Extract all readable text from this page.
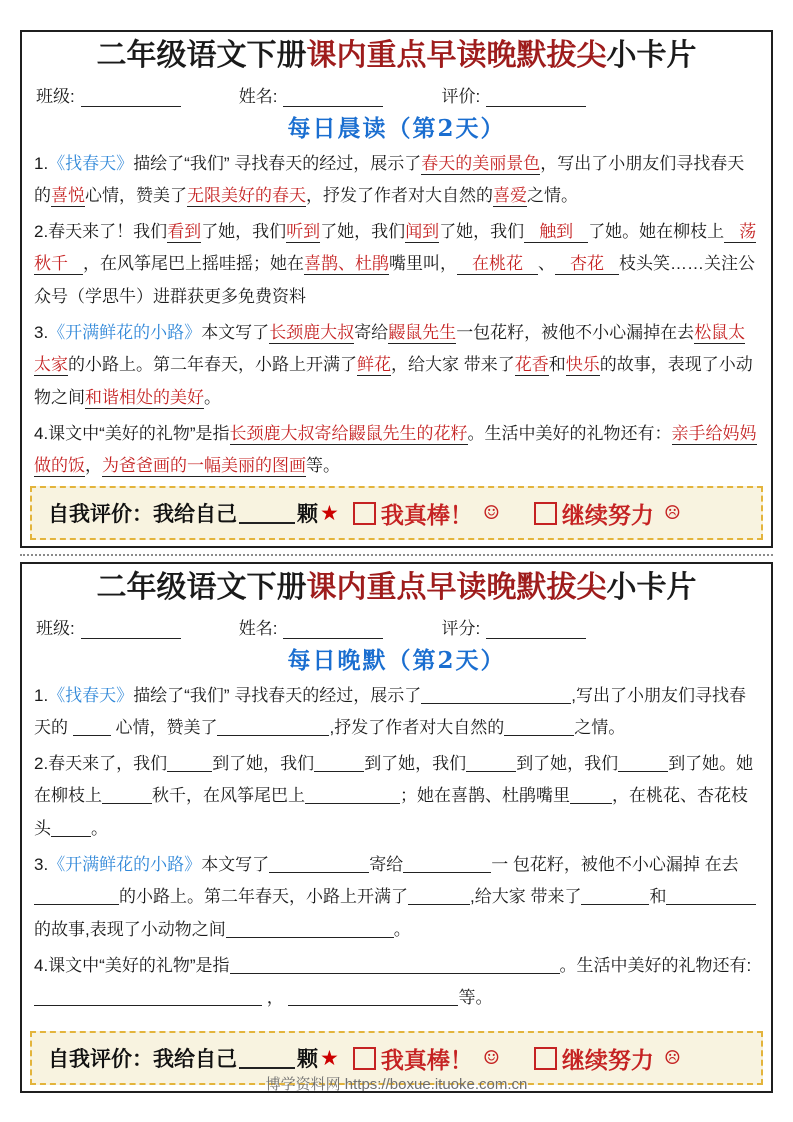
二年级语文下册课内重点早读晚默拔尖小卡片
班级:	姓名:	评价:
每日晨读（第2天）
1.《找春天》描绘了“我们” 寻找春天的经过，展示了春天的美丽景色，写出了小朋友们寻找春天的喜悦心情，赞美了无限美好的春天，抒发了作者对大自然的喜爱之情。
2.春天来了！我们看到了她，我们听到了她，我们闻到了她，我们 触到 了她。她在柳枝上 荡秋千 ，在风筝尾巴上摇哇摇；她在喜鹊、杜鹃嘴里叫， 在桃花 、 杏花 枝头笑……关注公众号（学思牛）进群获更多免费资料
3.《开满鲜花的小路》本文写了长颈鹿大叔寄给鼹鼠先生一包花籽，被他不小心漏掉在去松鼠太太家的小路上。第二年春天，小路上开满了鲜花，给大家 带来了花香和快乐的故事，表现了小动物之间和谐相处的美好。
4.课文中“美好的礼物”是指长颈鹿大叔寄给鼹鼠先生的花籽。生活中美好的礼物还有：亲手给妈妈做的饭，为爸爸画的一幅美丽的图画等。
自我评价：我给自己	颗 ★ 我真棒！ ☺	继续努力 ☹
二年级语文下册课内重点早读晚默拔尖小卡片
班级:	姓名:	评分:
每日晚默（第2天）
1.《找春天》描绘了“我们” 寻找春天的经过，展示了	,写出了小朋友们寻找春天的  心情，赞美了	,抒发了作者对大自然的	之情。
2.春天来了，我们	到了她，我们	到了她，我们	到了她，我们	到了她。她在柳枝上	秋千，在风筝尾巴上	；她在喜鹊、杜鹃嘴里 ，在桃花、杏花枝头 。
3.《开满鲜花的小路》本文写了	寄给	一 包花籽，被他不小心漏掉 在去的小路上。第二年春天，小路上开满了	,给大家 带来了	和的故事,表现了小动物之间	。
4.课文中“美好的礼物”是指	。生活中美好的礼物还有:  ，	等。
自我评价：我给自己	颗 ★ 我真棒！ ☺	继续努力 ☹
博学资料网 https://boxue.ituoke.com.cn
